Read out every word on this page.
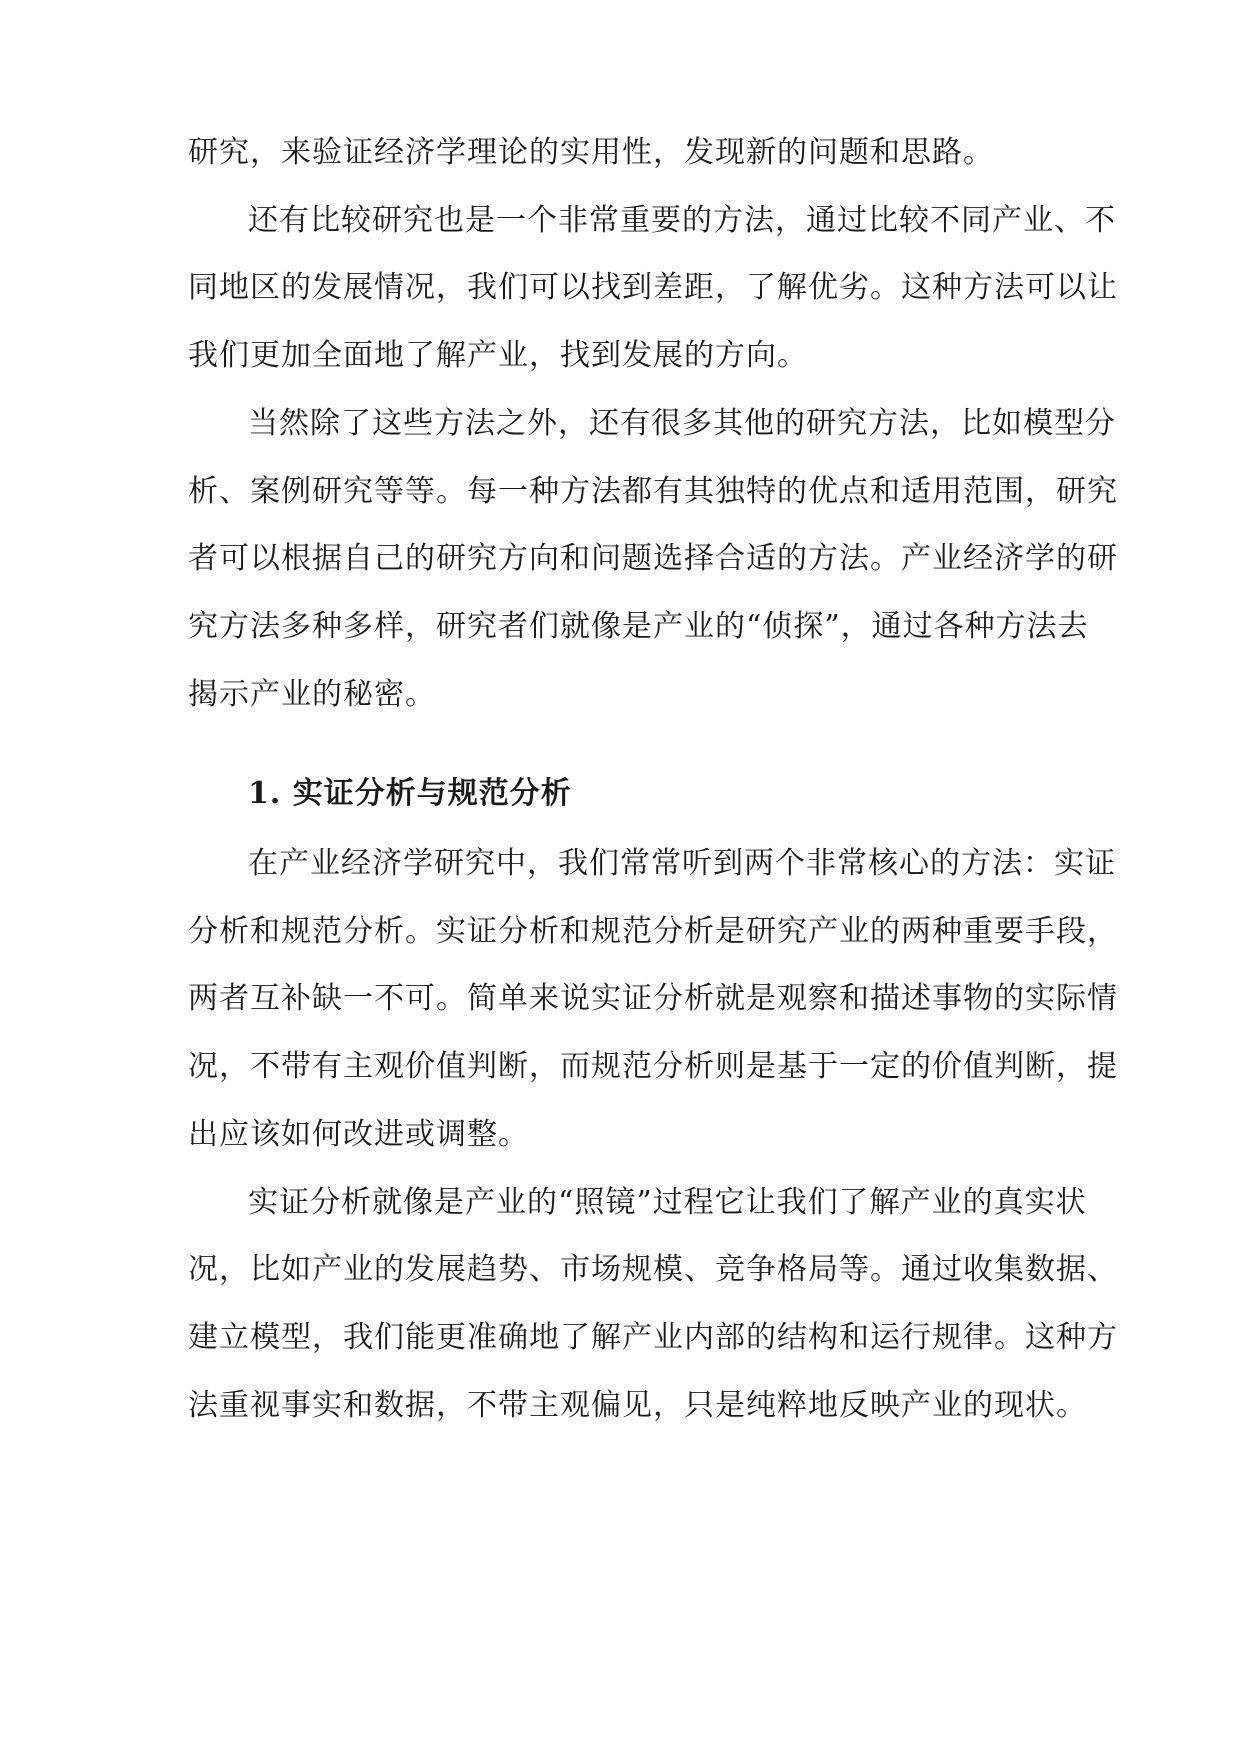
研究，来验证经济学理论的实用性，发现新的问题和思路。
还有比较研究也是一个非常重要的方法，通过比较不同产业、不
同地区的发展情况，我们可以找到差距，了解优劣。这种方法可以让
我们更加全面地了解产业，找到发展的方向。
当然除了这些方法之外，还有很多其他的研究方法，比如模型分
析、案例研究等等。每一种方法都有其独特的优点和适用范围，研究
者可以根据自己的研究方向和问题选择合适的方法。产业经济学的研
究方法多种多样，研究者们就像是产业的“侦探”，通过各种方法去
揭示产业的秘密。
1. 实证分析与规范分析
在产业经济学研究中，我们常常听到两个非常核心的方法：实证
分析和规范分析。实证分析和规范分析是研究产业的两种重要手段，
两者互补缺一不可。简单来说实证分析就是观察和描述事物的实际情
况，不带有主观价值判断，而规范分析则是基于一定的价值判断，提
出应该如何改进或调整。
实证分析就像是产业的“照镜”过程它让我们了解产业的真实状
况，比如产业的发展趋势、市场规模、竞争格局等。通过收集数据、
建立模型，我们能更准确地了解产业内部的结构和运行规律。这种方
法重视事实和数据，不带主观偏见，只是纯粹地反映产业的现状。
